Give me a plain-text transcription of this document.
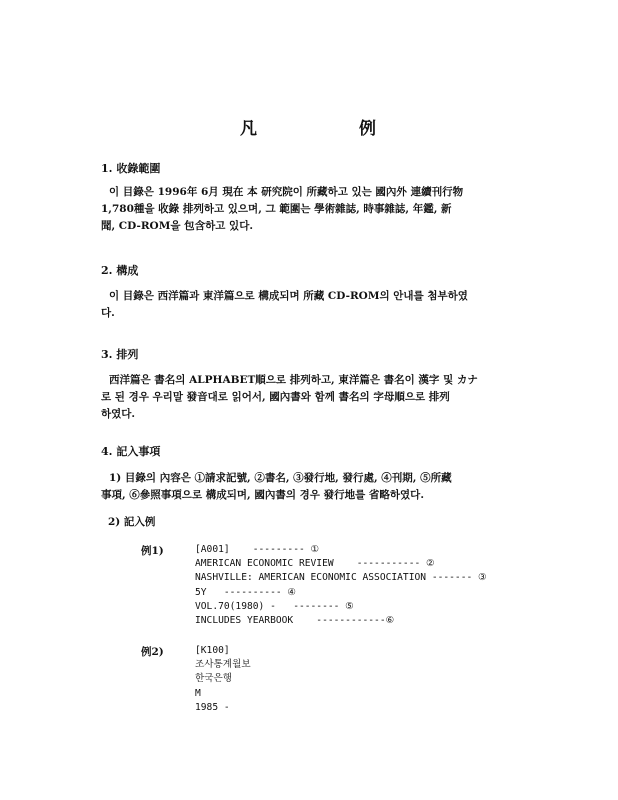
凡	例
1. 收錄範圍

이 目錄은 1996年 6月 現在 本 研究院이 所藏하고 있는 國內外 連續刊行物
1,780種을 收錄 排列하고 있으며, 그 範圍는 學術雜誌, 時事雜誌, 年鑑, 新
聞, CD-ROM을 包含하고 있다.

2. 構成

이 目錄은 西洋篇과 東洋篇으로 構成되며 所藏 CD-ROM의 안내를 첨부하였
다.

3. 排列

西洋篇은 書名의 ALPHABET順으로 排列하고, 東洋篇은 書名이 漢字 및 カナ
로 된 경우 우리말 發音대로 읽어서, 國內書와 함께 書名의 字母順으로 排列
하였다.

4. 記入事項

1) 目錄의 內容은 ①請求記號, ②書名, ③發行地, 發行處, ④刊期, ⑤所藏
事項, ⑥參照事項으로 構成되며, 國內書의 경우 發行地를 省略하였다.

2) 記入例
例1)	[A001]    --------- ①
AMERICAN ECONOMIC REVIEW    ----------- ②
NASHVILLE: AMERICAN ECONOMIC ASSOCIATION ------- ③
5Y   ---------- ④
VOL.70(1980) -   -------- ⑤
INCLUDES YEARBOOK    ------------⑥
例2)	[K100]
조사통계월보
한국은행
M
1985 -
